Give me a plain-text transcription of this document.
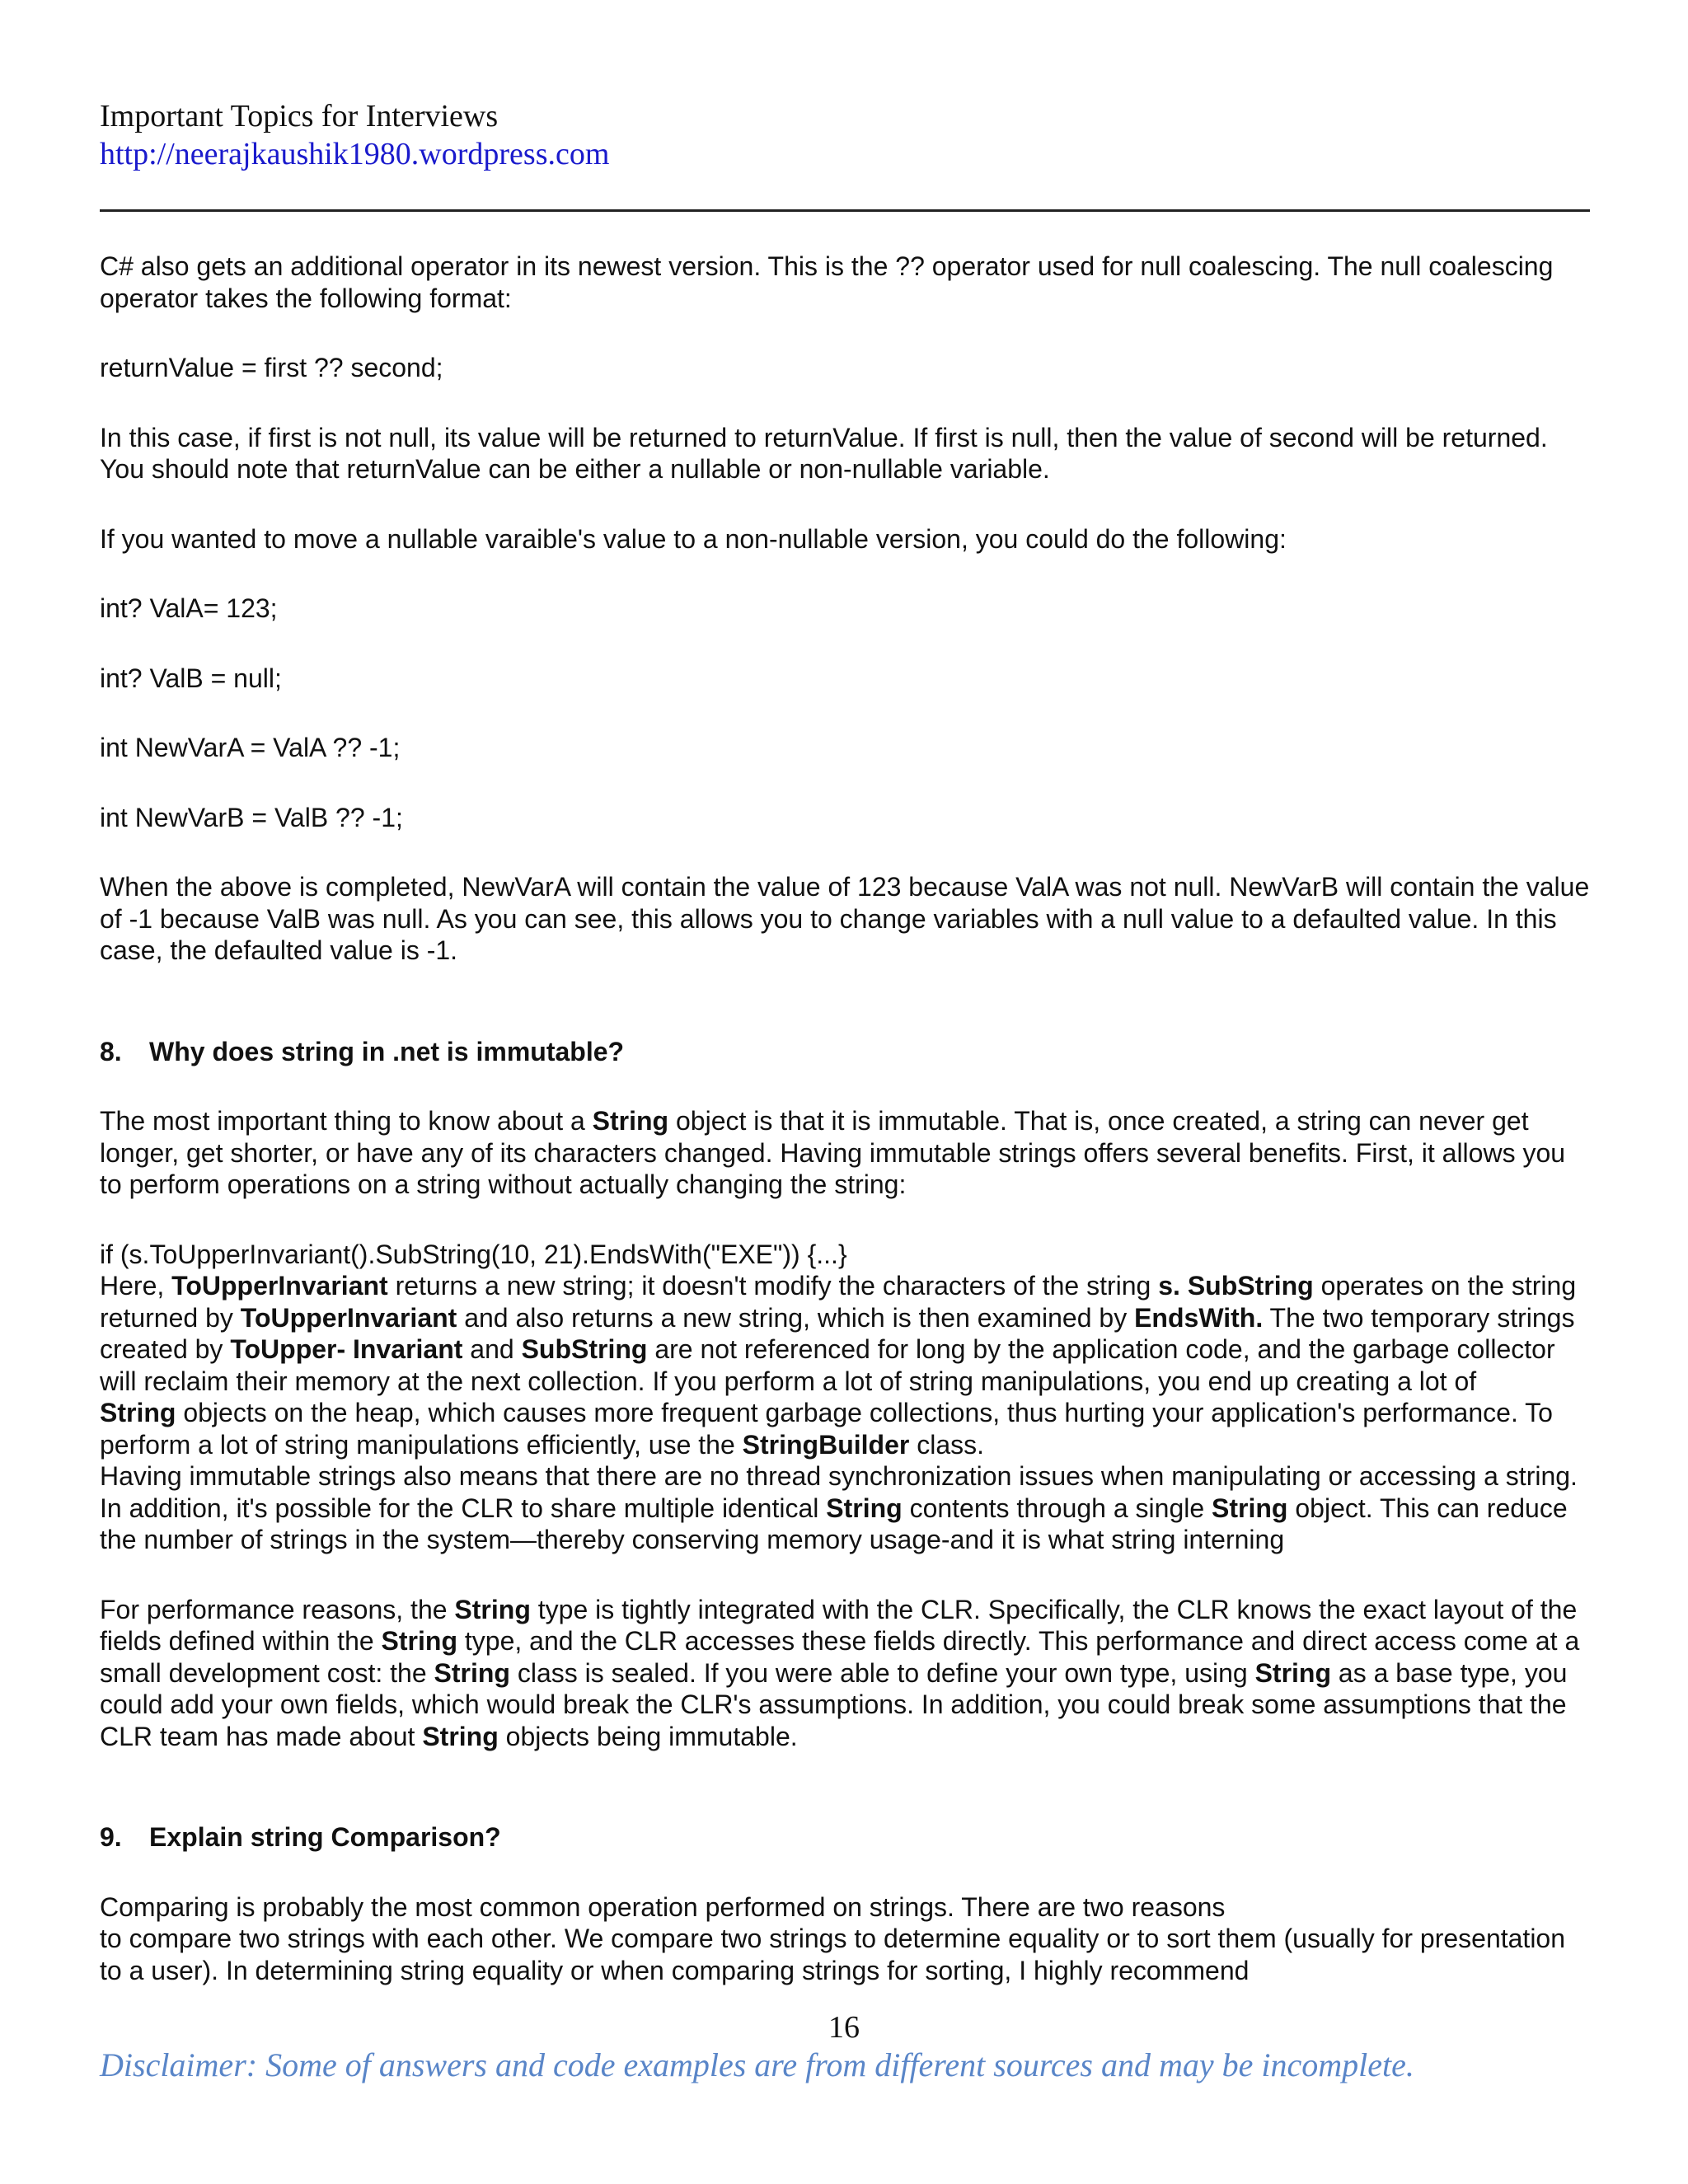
Important Topics for Interviews
http://neerajkaushik1980.wordpress.com

C# also gets an additional operator in its newest version. This is the ?? operator used for null coalescing. The null coalescing operator takes the following format:

returnValue = first ?? second;

In this case, if first is not null, its value will be returned to returnValue. If first is null, then the value of second will be returned. You should note that returnValue can be either a nullable or non-nullable variable.

If you wanted to move a nullable varaible's value to a non-nullable version, you could do the following:

int? ValA= 123;

int? ValB = null;

int NewVarA = ValA ?? -1;

int NewVarB = ValB ?? -1;

When the above is completed, NewVarA will contain the value of 123 because ValA was not null. NewVarB will contain the value of -1 because ValB was null. As you can see, this allows you to change variables with a null value to a defaulted value. In this case, the defaulted value is -1.

8. Why does string in .net is immutable?

The most important thing to know about a String object is that it is immutable. That is, once created, a string can never get longer, get shorter, or have any of its characters changed. Having immutable strings offers several benefits. First, it allows you to perform operations on a string without actually changing the string:

if (s.ToUpperInvariant().SubString(10, 21).EndsWith("EXE")) {...}

Here, ToUpperInvariant returns a new string; it doesn't modify the characters of the string s. SubString operates on the string returned by ToUpperInvariant and also returns a new string, which is then examined by EndsWith. The two temporary strings created by ToUpper- Invariant and SubString are not referenced for long by the application code, and the garbage collector will reclaim their memory at the next collection. If you perform a lot of string manipulations, you end up creating a lot of
String objects on the heap, which causes more frequent garbage collections, thus hurting your application's performance. To perform a lot of string manipulations efficiently, use the StringBuilder class.
Having immutable strings also means that there are no thread synchronization issues when manipulating or accessing a string. In addition, it's possible for the CLR to share multiple identical String contents through a single String object. This can reduce the number of strings in the system—thereby conserving memory usage-and it is what string interning

For performance reasons, the String type is tightly integrated with the CLR. Specifically, the CLR knows the exact layout of the fields defined within the String type, and the CLR accesses these fields directly. This performance and direct access come at a small development cost: the String class is sealed. If you were able to define your own type, using String as a base type, you could add your own fields, which would break the CLR's assumptions. In addition, you could break some assumptions that the CLR team has made about String objects being immutable.

9. Explain string Comparison?

Comparing is probably the most common operation performed on strings. There are two reasons
to compare two strings with each other. We compare two strings to determine equality or to sort them (usually for presentation to a user). In determining string equality or when comparing strings for sorting, I highly recommend

16
Disclaimer: Some of answers and code examples are from different sources and may be incomplete.
